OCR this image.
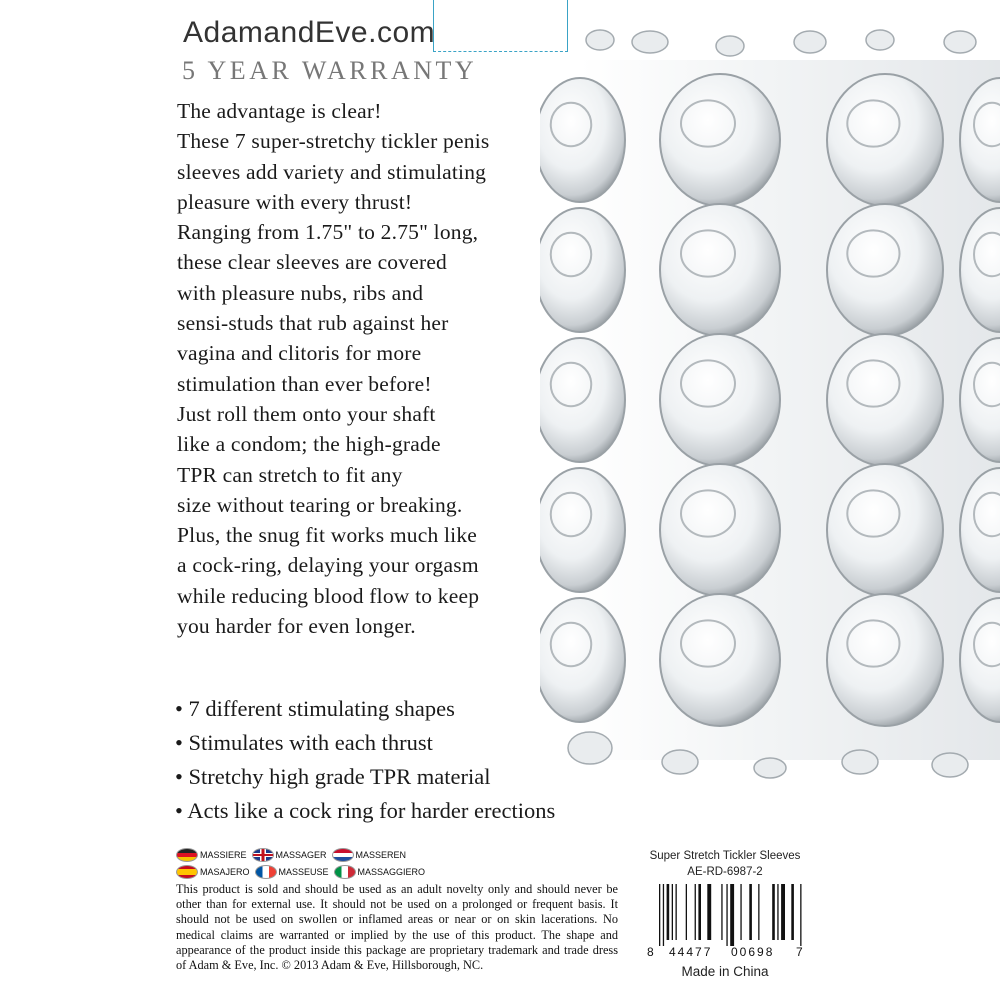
AdamandEve.com
5 YEAR WARRANTY
The advantage is clear!
These 7 super-stretchy tickler penis
sleeves add variety and stimulating
pleasure with every thrust!
Ranging from 1.75" to 2.75" long,
these clear sleeves are covered
with pleasure nubs, ribs and
sensi-studs that rub against her
vagina and clitoris for more
stimulation than ever before!
Just roll them onto your shaft
like a condom; the high-grade
TPR can stretch to fit any
size without tearing or breaking.
Plus, the snug fit works much like
a cock-ring, delaying your orgasm
while reducing blood flow to keep
you harder for even longer.
• 7 different stimulating shapes
• Stimulates with each thrust
• Stretchy high grade TPR material
• Acts like a cock ring for harder erections
MASSIERE	MASSAGER	MASSEREN
MASAJERO	MASSEUSE	MASSAGGIERO
This product is sold and should be used as an adult novelty only and should never be other than for external use. It should not be used on a prolonged or frequent basis. It should not be used on swollen or inflamed areas or near or on skin lacerations. No medical claims are warranted or implied by the use of this product. The shape and appearance of the product inside this package are proprietary trademark and trade dress of Adam & Eve, Inc. © 2013 Adam & Eve, Hillsborough, NC.
Super Stretch Tickler Sleeves
AE-RD-6987-2
8 44477 00698 7
Made in China
